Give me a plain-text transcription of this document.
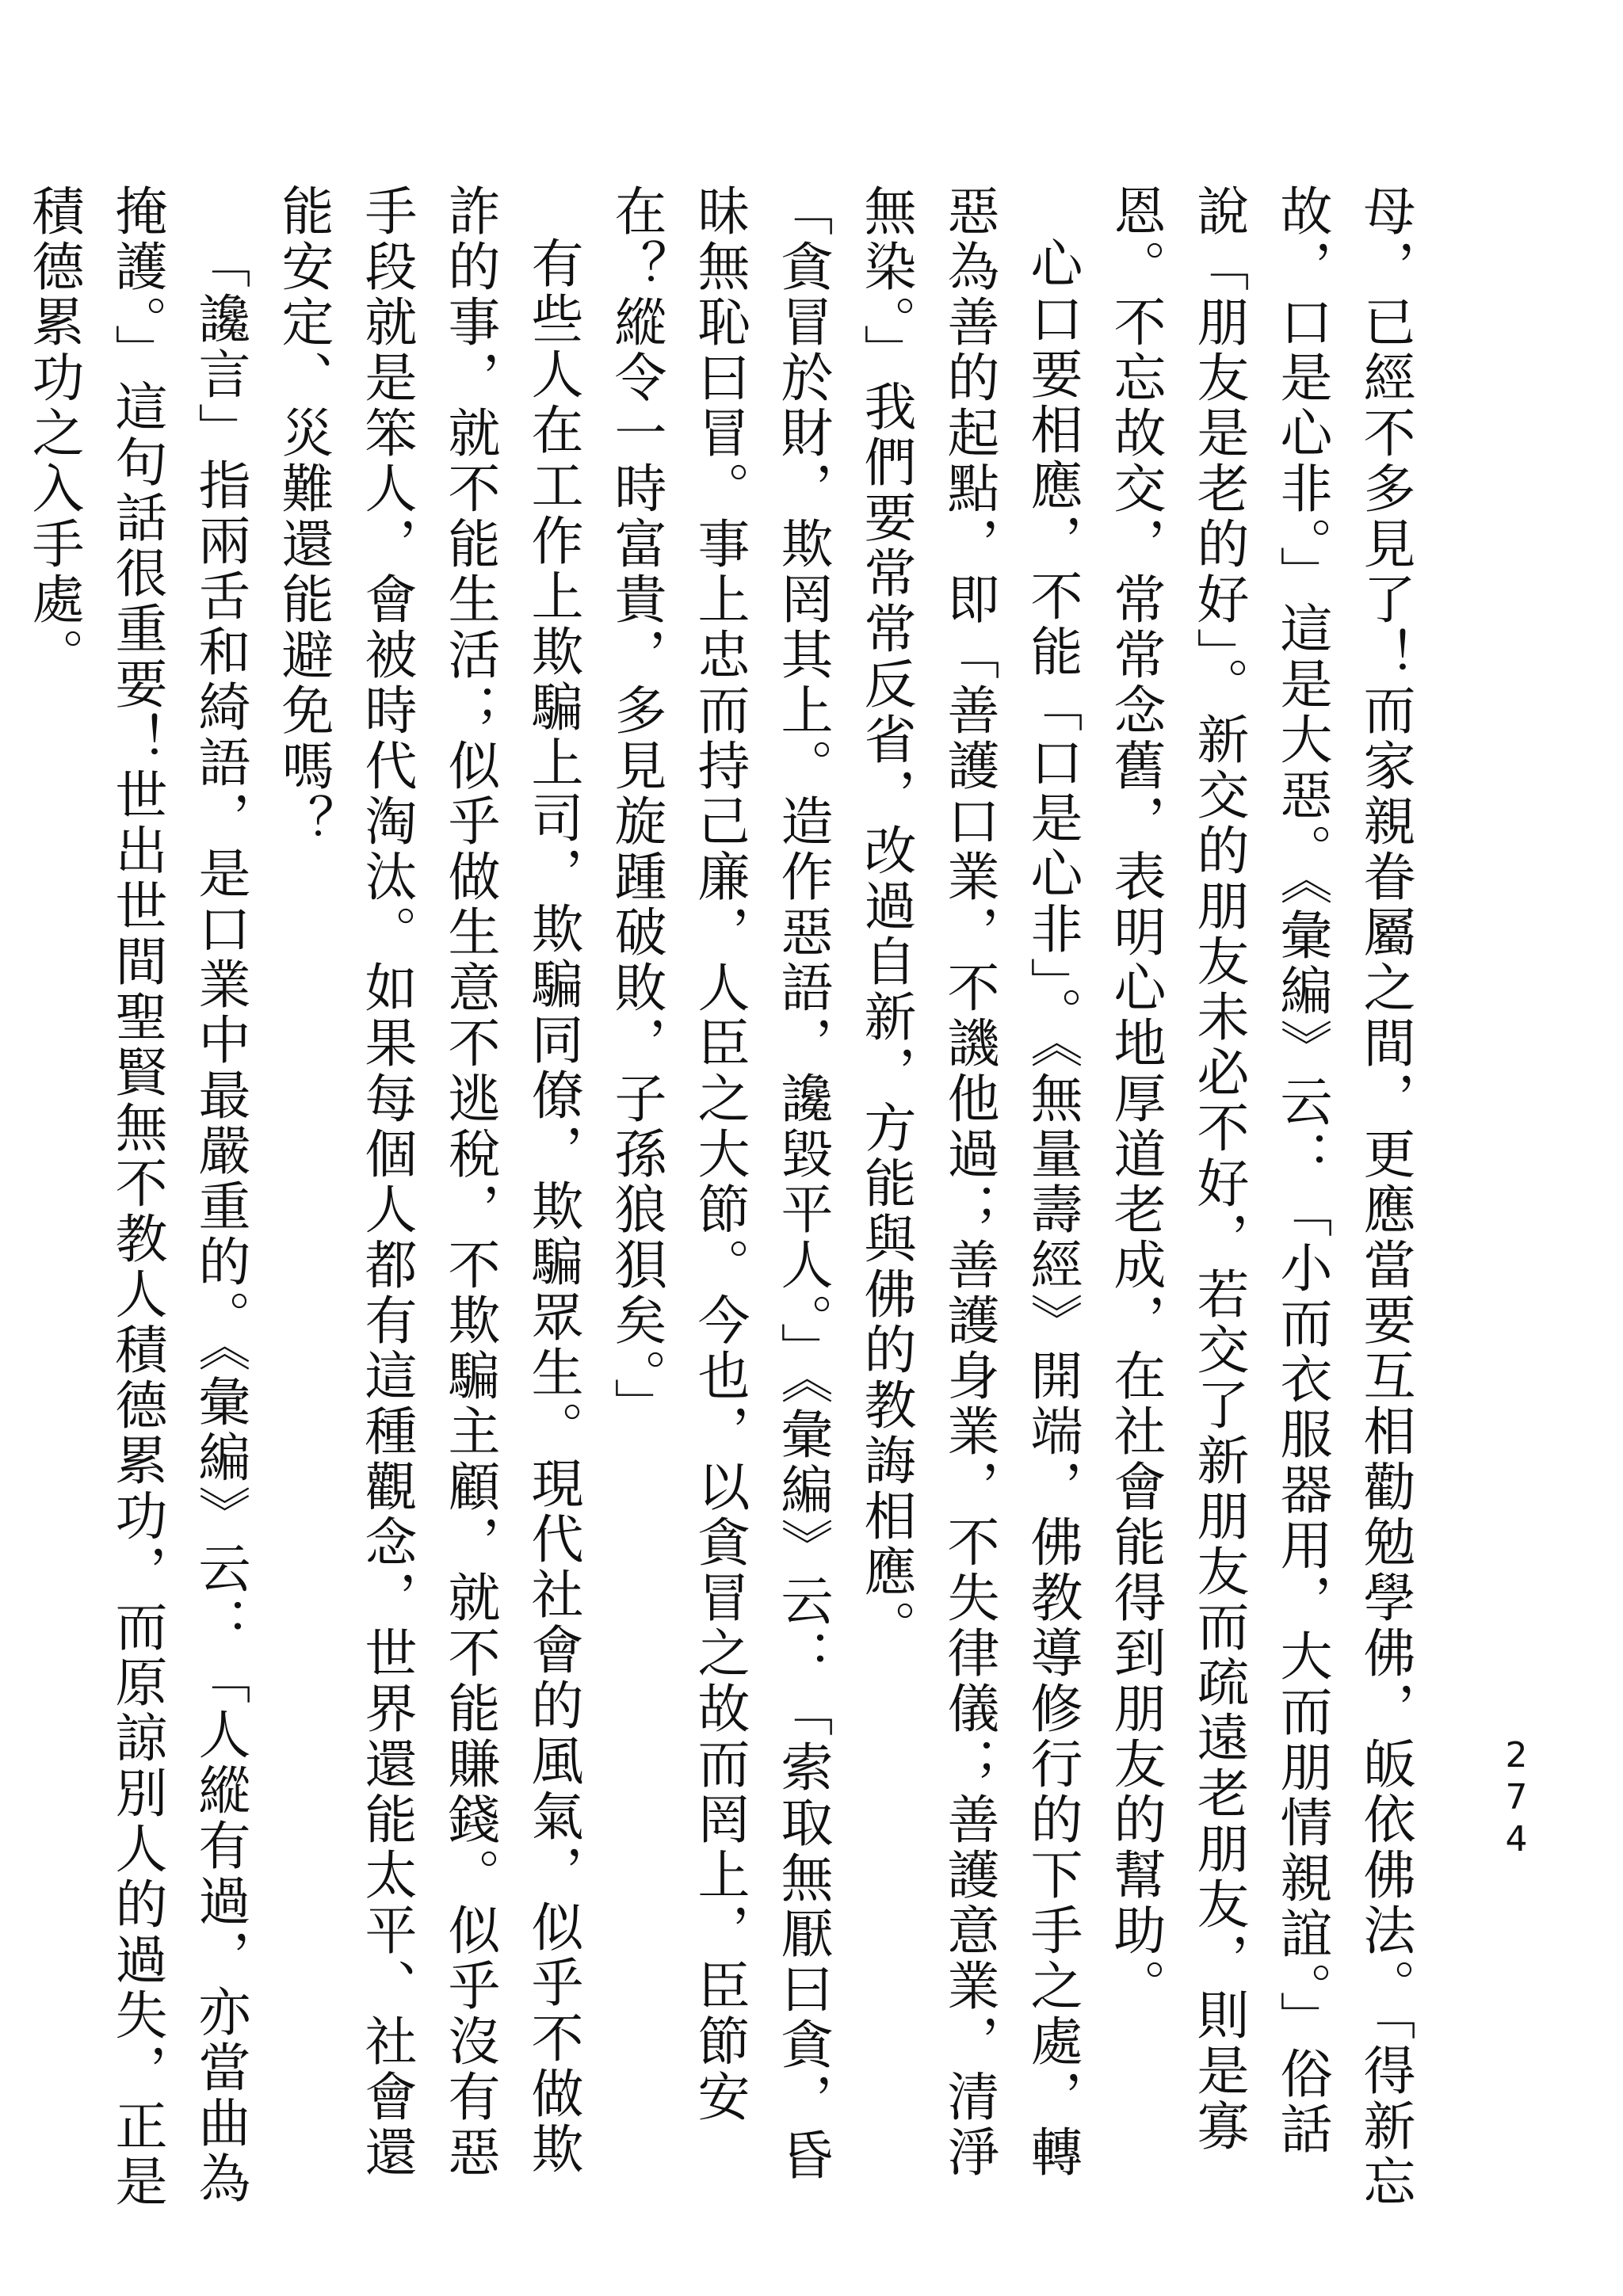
母，已經不多見了！而家親眷屬之間，更應當要互相勸勉學佛，皈依佛法。「得新忘故，口是心非。」這是大惡。《彙編》云：「小而衣服器用，大而朋情親誼。」俗話說「朋友是老的好」。新交的朋友未必不好，若交了新朋友而疏遠老朋友，則是寡恩。不忘故交，常常念舊，表明心地厚道老成，在社會能得到朋友的幫助。

心口要相應，不能「口是心非」。《無量壽經》開端，佛教導修行的下手之處，轉惡為善的起點，即「善護口業，不譏他過；善護身業，不失律儀；善護意業，清淨無染。」我們要常常反省，改過自新，方能與佛的教誨相應。

「貪冒於財，欺罔其上。造作惡語，讒毀平人。」《彙編》云：「索取無厭曰貪，昏昧無恥曰冒。事上忠而持己廉，人臣之大節。今也，以貪冒之故而罔上，臣節安在？縱令一時富貴，多見旋踵破敗，子孫狼狽矣。」

有些人在工作上欺騙上司，欺騙同僚，欺騙眾生。現代社會的風氣，似乎不做欺詐的事，就不能生活；似乎做生意不逃稅，不欺騙主顧，就不能賺錢。似乎沒有惡手段就是笨人，會被時代淘汰。如果每個人都有這種觀念，世界還能太平、社會還能安定、災難還能避免嗎？

「讒言」指兩舌和綺語，是口業中最嚴重的。《彙編》云：「人縱有過，亦當曲為掩護。」這句話很重要！世出世間聖賢無不教人積德累功，而原諒別人的過失，正是積德累功之入手處。

274
